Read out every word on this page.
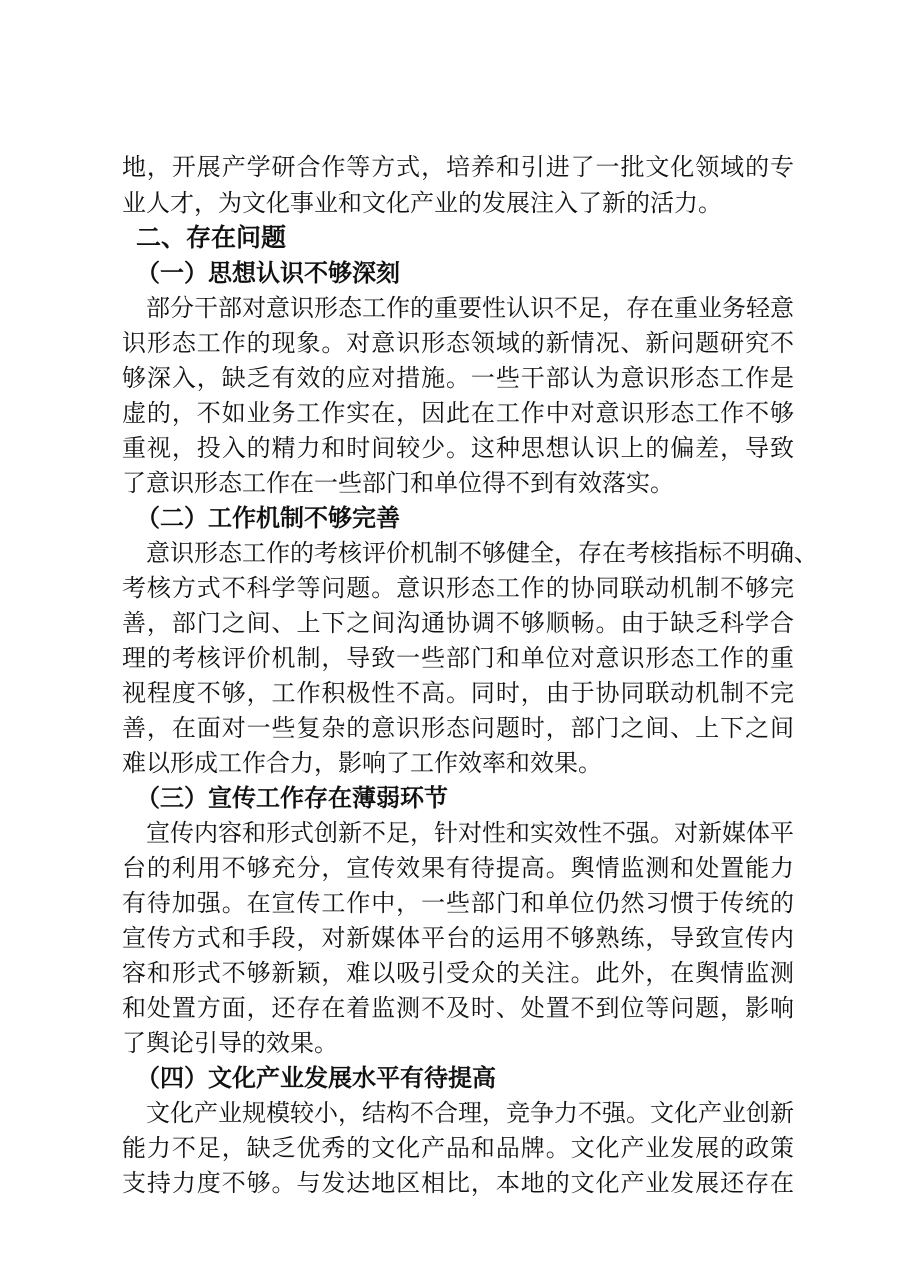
地，开展产学研合作等方式，培养和引进了一批文化领域的专
业人才，为文化事业和文化产业的发展注入了新的活力。
二、存在问题
（一）思想认识不够深刻
部分干部对意识形态工作的重要性认识不足，存在重业务轻意
识形态工作的现象。对意识形态领域的新情况、新问题研究不
够深入，缺乏有效的应对措施。一些干部认为意识形态工作是
虚的，不如业务工作实在，因此在工作中对意识形态工作不够
重视，投入的精力和时间较少。这种思想认识上的偏差，导致
了意识形态工作在一些部门和单位得不到有效落实。
（二）工作机制不够完善
意识形态工作的考核评价机制不够健全，存在考核指标不明确、
考核方式不科学等问题。意识形态工作的协同联动机制不够完
善，部门之间、上下之间沟通协调不够顺畅。由于缺乏科学合
理的考核评价机制，导致一些部门和单位对意识形态工作的重
视程度不够，工作积极性不高。同时，由于协同联动机制不完
善，在面对一些复杂的意识形态问题时，部门之间、上下之间
难以形成工作合力，影响了工作效率和效果。
（三）宣传工作存在薄弱环节
宣传内容和形式创新不足，针对性和实效性不强。对新媒体平
台的利用不够充分，宣传效果有待提高。舆情监测和处置能力
有待加强。在宣传工作中，一些部门和单位仍然习惯于传统的
宣传方式和手段，对新媒体平台的运用不够熟练，导致宣传内
容和形式不够新颖，难以吸引受众的关注。此外，在舆情监测
和处置方面，还存在着监测不及时、处置不到位等问题，影响
了舆论引导的效果。
（四）文化产业发展水平有待提高
文化产业规模较小，结构不合理，竞争力不强。文化产业创新
能力不足，缺乏优秀的文化产品和品牌。文化产业发展的政策
支持力度不够。与发达地区相比，本地的文化产业发展还存在
